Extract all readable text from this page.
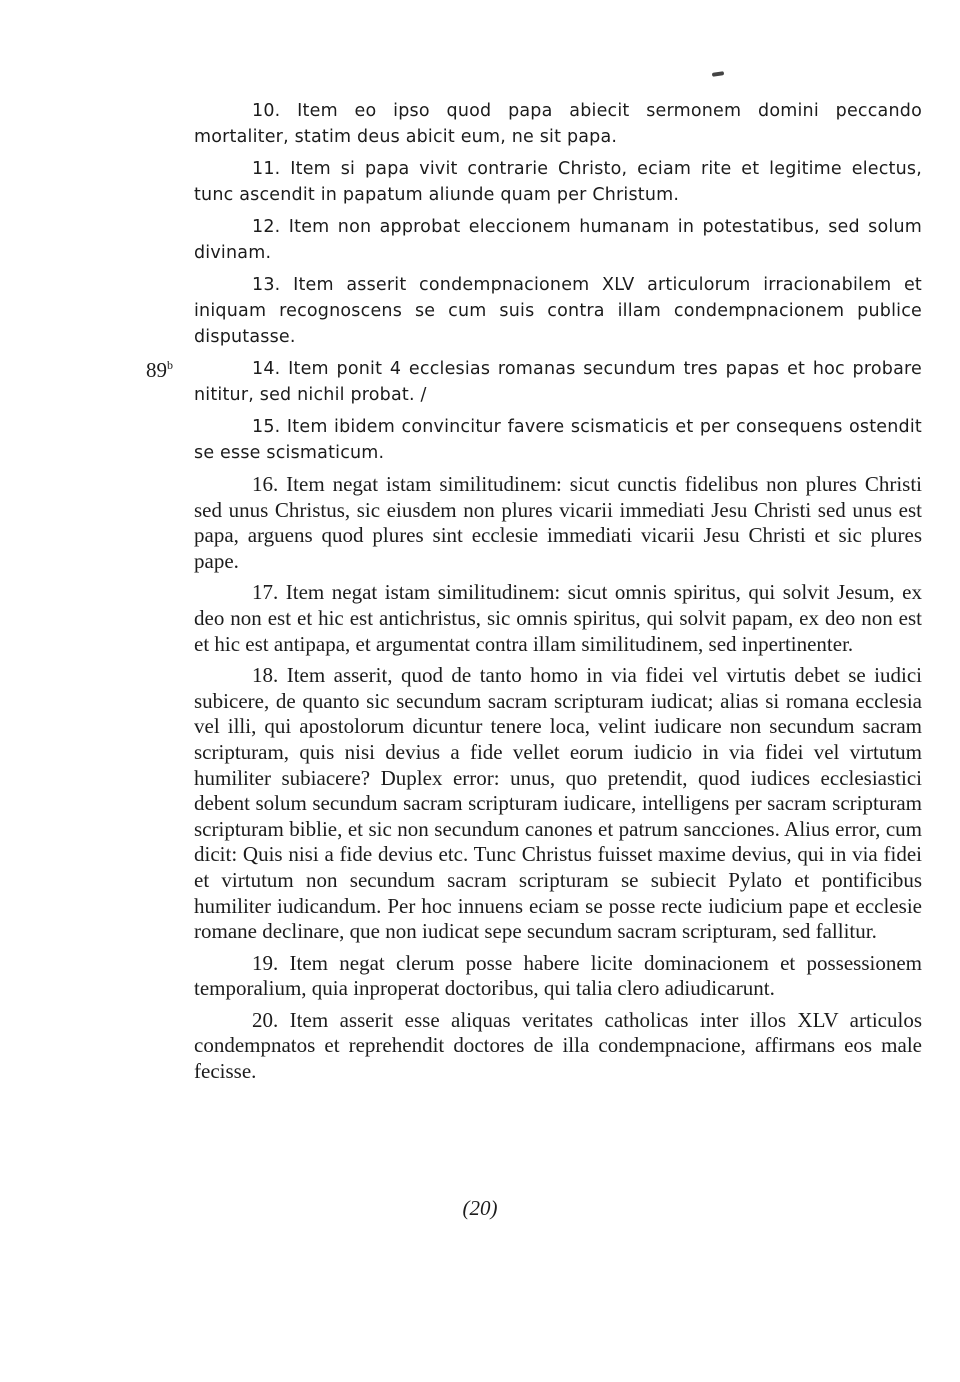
89$^b$

10. Item eo ipso quod papa abiecit sermonem domini peccando mortaliter, statim deus abicit eum, ne sit papa.

11. Item si papa vivit contrarie Christo, eciam rite et legitime electus, tunc ascendit in papatum aliunde quam per Christum.

12. Item non approbat eleccionem humanam in potestatibus, sed solum divinam.

13. Item asserit condempnacionem XLV articulorum irracionabilem et iniquam recognoscens se cum suis contra illam condempnacionem publice disputasse.

14. Item ponit 4 ecclesias romanas secundum tres papas et hoc probare nititur, sed nichil probat. /

15. Item ibidem convincitur favere scismaticis et per consequens ostendit se esse scismaticum.

16. Item negat istam similitudinem: sicut cunctis fidelibus non plures Christi sed unus Christus, sic eiusdem non plures vicarii immediati Jesu Christi sed unus est papa, arguens quod plures sint ecclesie immediati vicarii Jesu Christi et sic plures pape.

17. Item negat istam similitudinem: sicut omnis spiritus, qui solvit Jesum, ex deo non est et hic est antichristus, sic omnis spiritus, qui solvit papam, ex deo non est et hic est antipapa, et argumentat contra illam similitudinem, sed inpertinenter.

18. Item asserit, quod de tanto homo in via fidei vel virtutis debet se iudici subicere, de quanto sic secundum sacram scripturam iudicat; alias si romana ecclesia vel illi, qui apostolorum dicuntur tenere loca, velint iudicare non secundum sacram scripturam, quis nisi devius a fide vellet eorum iudicio in via fidei vel virtutum humiliter subiacere? Duplex error: unus, quo pretendit, quod iudices ecclesiastici debent solum secundum sacram scripturam iudicare, intelligens per sacram scripturam scripturam biblie, et sic non secundum canones et patrum sancciones. Alius error, cum dicit: Quis nisi a fide devius etc. Tunc Christus fuisset maxime devius, qui in via fidei et virtutum non secundum sacram scripturam se subiecit Pylato et pontificibus humiliter iudicandum. Per hoc innuens eciam se posse recte iudicium pape et ecclesie romane declinare, que non iudicat sepe secundum sacram scripturam, sed fallitur.

19. Item negat clerum posse habere licite dominacionem et possessionem temporalium, quia inproperat doctoribus, qui talia clero adiudicarunt.

20. Item asserit esse aliquas veritates catholicas inter illos XLV articulos condempnatos et reprehendit doctores de illa condempnacione, affirmans eos male fecisse.

(20)
